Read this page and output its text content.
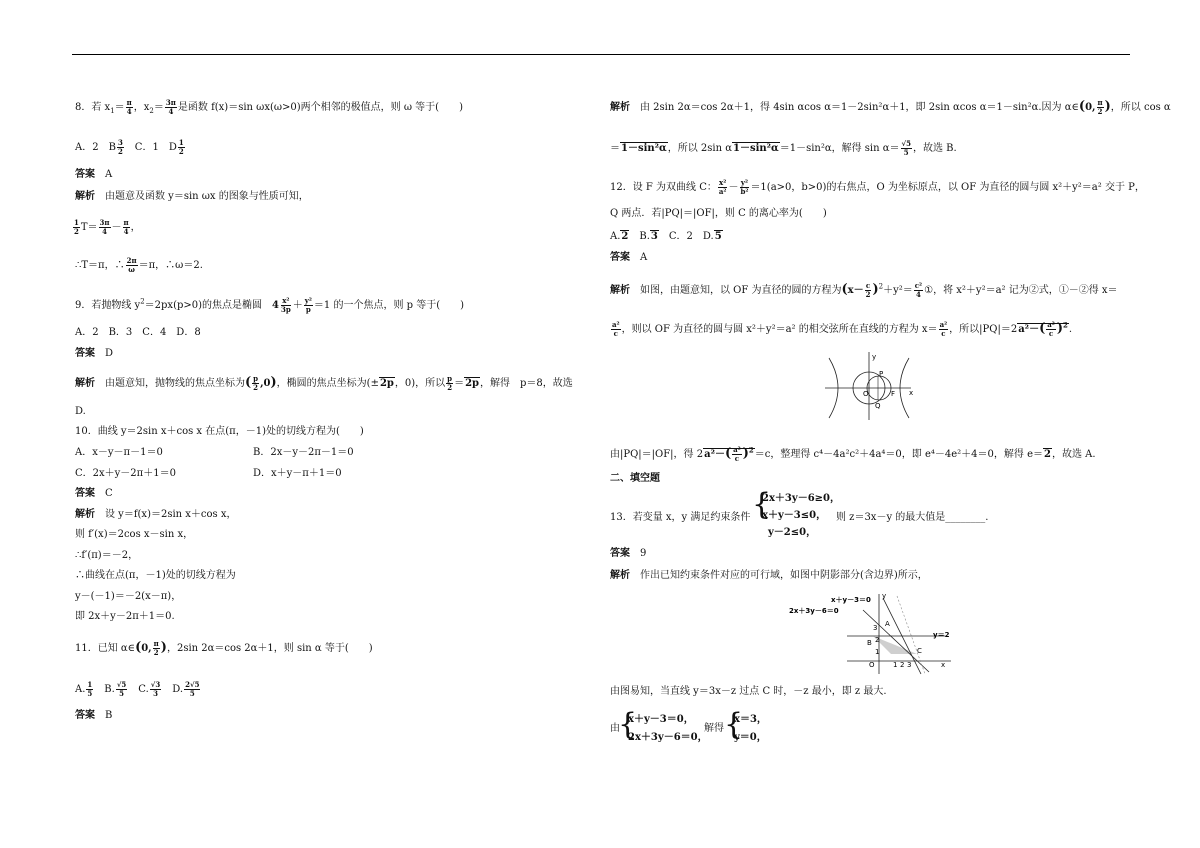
8．若 $x_1= \frac{\pi}{4}$ ，$x_2= \frac{3\pi}{4}$ 是函数 f(x)＝sin ωx(ω>0)两个相邻的极值点，则 ω 等于(　　)
A．2　B $\frac{3}{2}$ 　C．1　D $\frac{1}{2}$
答案　 A
解析　 由题意及函数 y＝sin ωx 的图象与性质可知，
$\frac{1}{2} T= \frac{3\pi}{4} - \frac{\pi}{4}$ ，
∴T＝π，∴ $\frac{2\pi}{\omega} =\pi$，∴ω＝2.
9．若抛物线 $y^2=2px(p>0)$的焦点是椭圆　 $4 \frac{\text{x²}}{3p} + \frac{\text{y²}}{p} =1$ 的一个焦点，则 p 等于(　　)
A．2　B．3　C．4　D．8
答案　 D
解析　 由题意知，抛物线的焦点坐标为( $\frac{p}{2} ,0$)，椭圆的焦点坐标为(±2p，0)，所以 $\frac{p}{2} =2p$，解得　p＝8，故选
D.
10．曲线 y＝2sin x＋cos x 在点(π，－1)处的切线方程为(　　)
A．x－y－π－1＝0	B．2x－y－2π－1＝0
C．2x＋y－2π＋1＝0	D．x＋y－π＋1＝0
答案　 C
解析　 设 y＝f(x)＝2sin x＋cos x，
则 f′(x)＝2cos x－sin x，
∴f′(π)＝－2，
∴曲线在点(π，－1)处的切线方程为
y－(－1)＝－2(x－π)，
即 2x＋y－2π＋1＝0.
11．已知 α∈(0, $\frac{\pi}{2}$ )，2sin 2α＝cos 2α＋1，则 sin α 等于(　　)
A. $\frac{1}{5}$ 　B. $\frac{√5}{5}$ 　C. $\frac{√3}{3}$ 　D. $\frac{2√5}{5}$
答案　 B
解析　 由 2sin 2α＝cos 2α＋1，得 4sin αcos α＝1－2sin²α＋1，即 2sin αcos α＝1－sin²α.因为 α∈(0, $\frac{\pi}{2}$ )，所以 cos α
＝1－sin²α，所以 2sin α1－sin²α＝1－sin²α，解得 $\sin \alpha= \frac{√5}{5}$ ，故选 B.
12．设 F 为双曲线 C： $\frac{\text{x²}}{\text{a²}} - \frac{\text{y²}}{\text{b²}} =1(a>0$，b>0)的右焦点，O 为坐标原点，以 OF 为直径的圆与圆 x²＋y²＝a² 交于 P，
Q 两点．若|PQ|＝|OF|，则 C 的离心率为(　　)
A.2　B.3　C．2　D.5
答案　 A
解析　 如图，由题意知，以 OF 为直径的圆的方程为$(x- \frac{c}{2} )^2+y^2= \frac{\text{c²}}{4}$ ①，将 x²＋y²＝a² 记为②式，①－②得 x＝
$\frac{\text{a²}}{c}$ ，则以 OF 为直径的圆与圆 x²＋y²＝a² 的相交弦所在直线的方程为 $x= \frac{\text{a²}}{c}$ ，所以$|PQ|=2a^2-( \frac{\text{a²}}{c} )^2$.
y
x
P
Q
O	F
由|PQ|＝|OF|，得 $2a^2-( \frac{\text{a²}}{c} )^2=c$，整理得 c⁴－4a²c²＋4a⁴＝0，即 e⁴－4e²＋4＝0，解得 e＝2，故选 A.
二、填空题
13．若变量 x，y 满足约束条件 {
2x＋3y－6≥0，
x＋y－3≤0，
y－2≤0，
则 z＝3x－y 的最大值是________.
答案　 9
解析　 作出已知约束条件对应的可行域，如图中阴影部分(含边界)所示，
x＋y－3＝0
2x＋3y－6＝0
y＝2
A
B
C
O	x
y
1 2 3
1
2
3
由图易知，当直线 y＝3x－z 过点 C 时，－z 最小，即 z 最大.
由
{
x＋y－3＝0，
2x＋3y－6＝0，
解得 {
x＝3，
y＝0，
